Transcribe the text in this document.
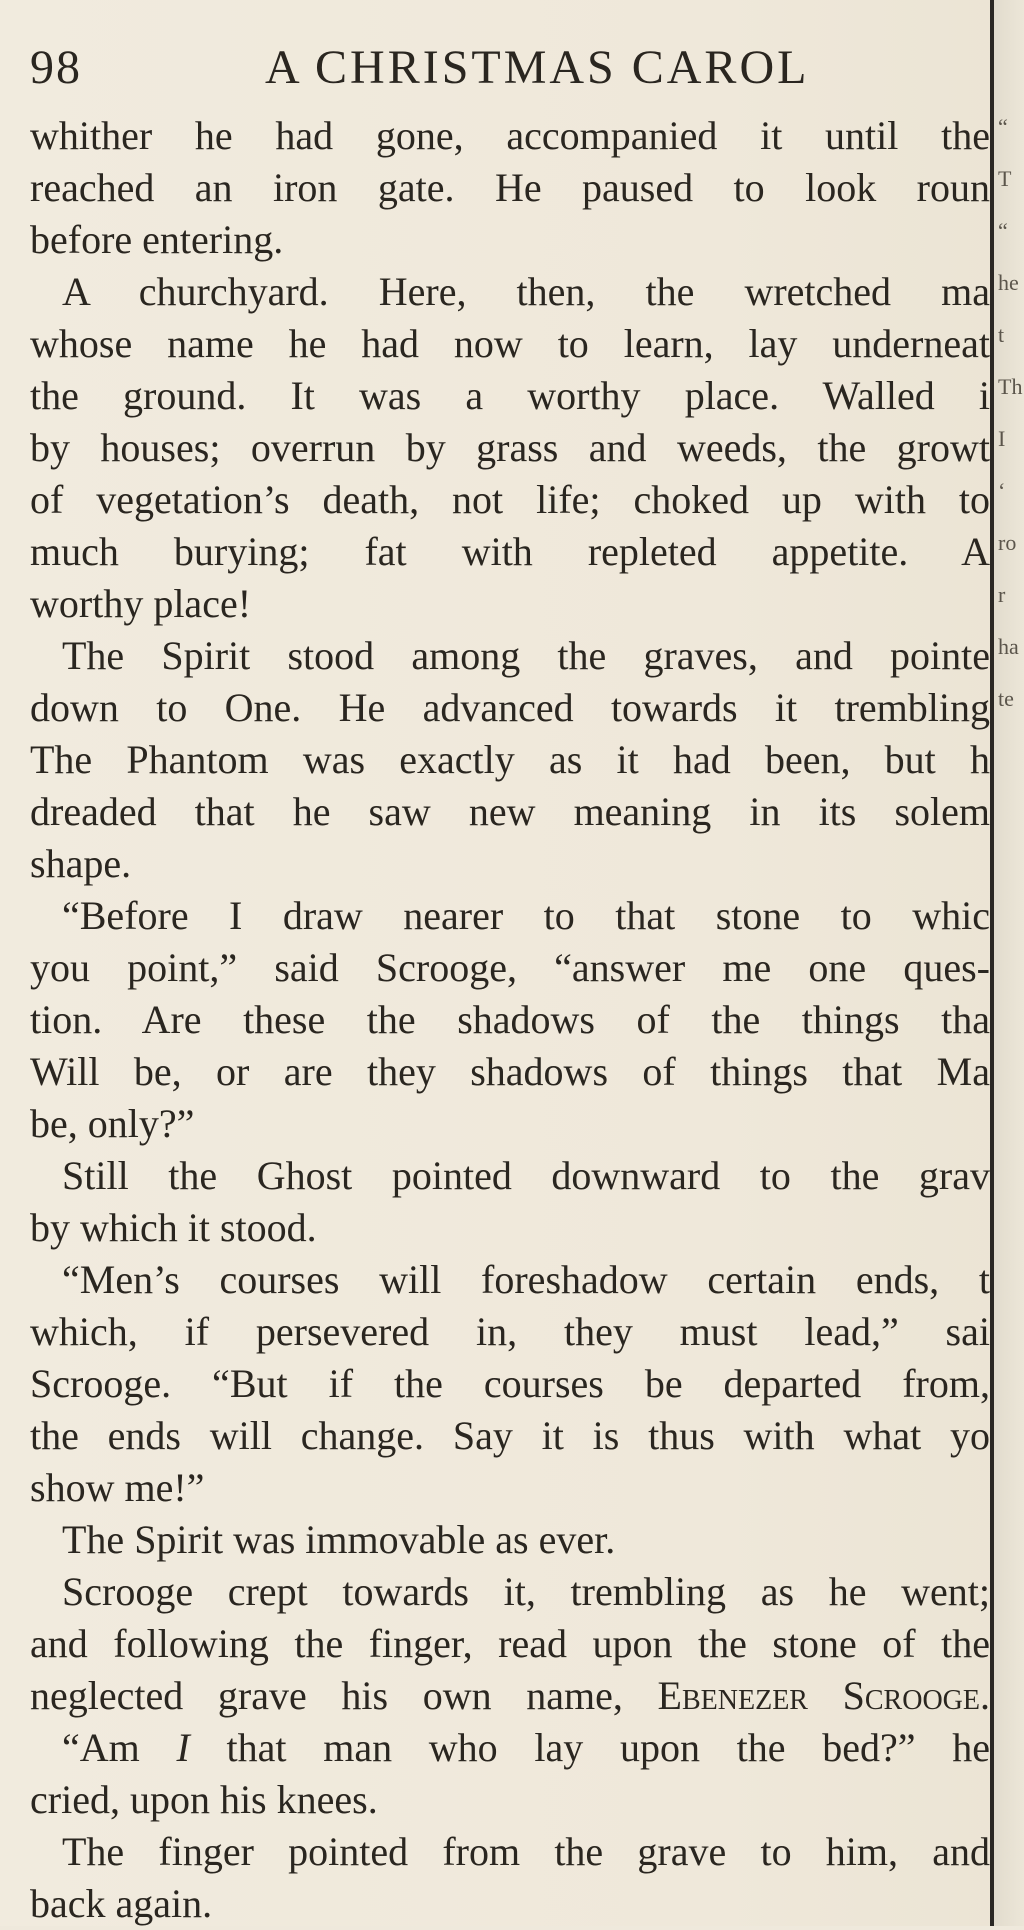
98	A CHRISTMAS CAROL
whither he had gone, accompanied it until the
reached an iron gate. He paused to look roun
before entering.
A churchyard. Here, then, the wretched ma
whose name he had now to learn, lay underneat
the ground. It was a worthy place. Walled i
by houses; overrun by grass and weeds, the growt
of vegetation’s death, not life; choked up with to
much burying; fat with repleted appetite. A
worthy place!
The Spirit stood among the graves, and pointe
down to One. He advanced towards it trembling
The Phantom was exactly as it had been, but h
dreaded that he saw new meaning in its solem
shape.
“Before I draw nearer to that stone to whic
you point,” said Scrooge, “answer me one ques-
tion. Are these the shadows of the things tha
Will be, or are they shadows of things that Ma
be, only?”
Still the Ghost pointed downward to the grav
by which it stood.
“Men’s courses will foreshadow certain ends, t
which, if persevered in, they must lead,” sai
Scrooge. “But if the courses be departed from,
the ends will change. Say it is thus with what yo
show me!”
The Spirit was immovable as ever.
Scrooge crept towards it, trembling as he went;
and following the finger, read upon the stone of the
neglected grave his own name, Ebenezer Scrooge.
“Am I that man who lay upon the bed?” he
cried, upon his knees.
The finger pointed from the grave to him, and
back again.
“
T
“
he
t
Th
I
‘
ro
r
ha
te
